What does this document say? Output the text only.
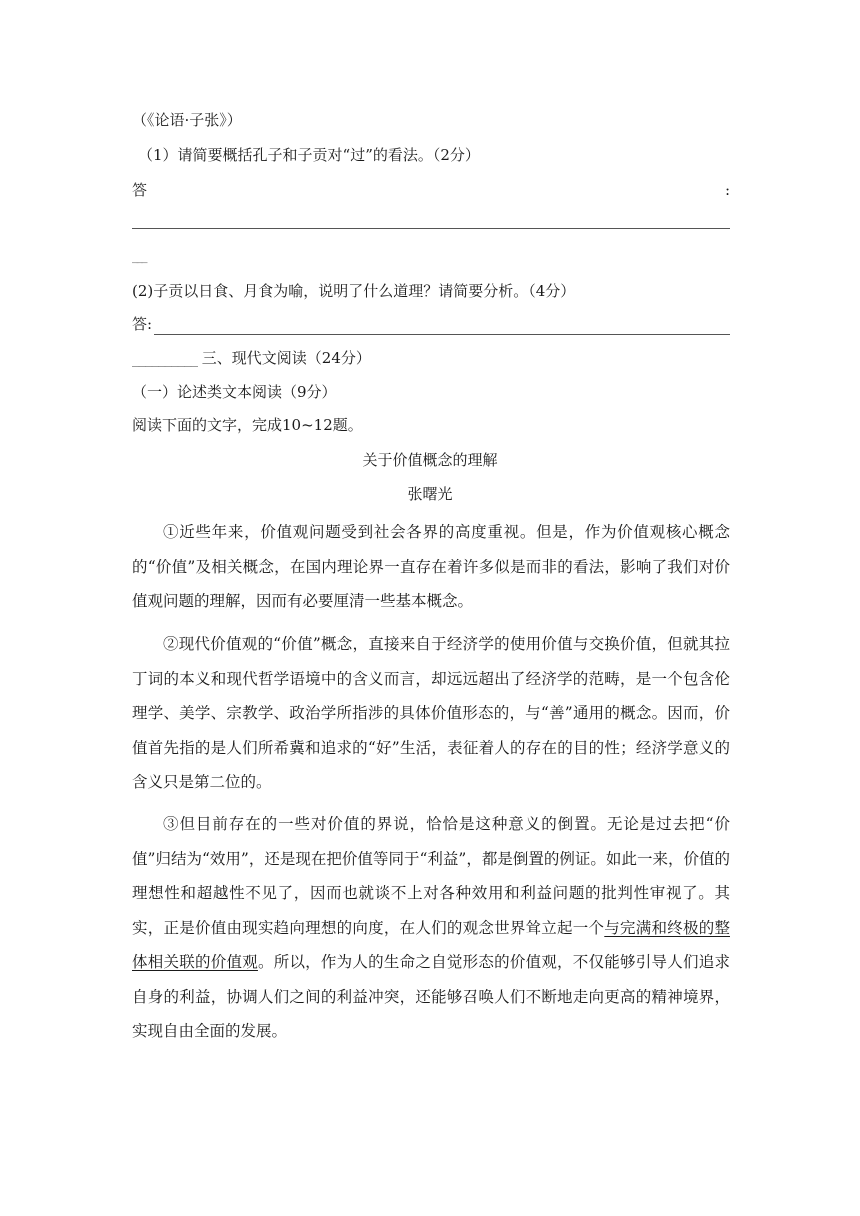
（《论语·子张》）
（1）请简要概括孔子和子贡对“过”的看法。（2分）
答	:
___
(2)子贡以日食、月食为喻，说明了什么道理？请简要分析。（4分）
答:
__________ 三、现代文阅读（24分）
（一）论述类文本阅读（9分）
阅读下面的文字，完成10~12题。
关于价值概念的理解
张曙光

①近些年来，价值观问题受到社会各界的高度重视。但是，作为价值观核心概念的“价值”及相关概念，在国内理论界一直存在着许多似是而非的看法，影响了我们对价值观问题的理解，因而有必要厘清一些基本概念。

②现代价值观的“价值”概念，直接来自于经济学的使用价值与交换价值，但就其拉丁词的本义和现代哲学语境中的含义而言，却远远超出了经济学的范畴，是一个包含伦理学、美学、宗教学、政治学所指涉的具体价值形态的，与“善”通用的概念。因而，价值首先指的是人们所希冀和追求的“好”生活，表征着人的存在的目的性；经济学意义的含义只是第二位的。

③但目前存在的一些对价值的界说，恰恰是这种意义的倒置。无论是过去把“价值”归结为“效用”，还是现在把价值等同于“利益”，都是倒置的例证。如此一来，价值的理想性和超越性不见了，因而也就谈不上对各种效用和利益问题的批判性审视了。其实，正是价值由现实趋向理想的向度，在人们的观念世界耸立起一个与完满和终极的整体相关联的价值观。所以，作为人的生命之自觉形态的价值观，不仅能够引导人们追求自身的利益，协调人们之间的利益冲突，还能够召唤人们不断地走向更高的精神境界，实现自由全面的发展。
